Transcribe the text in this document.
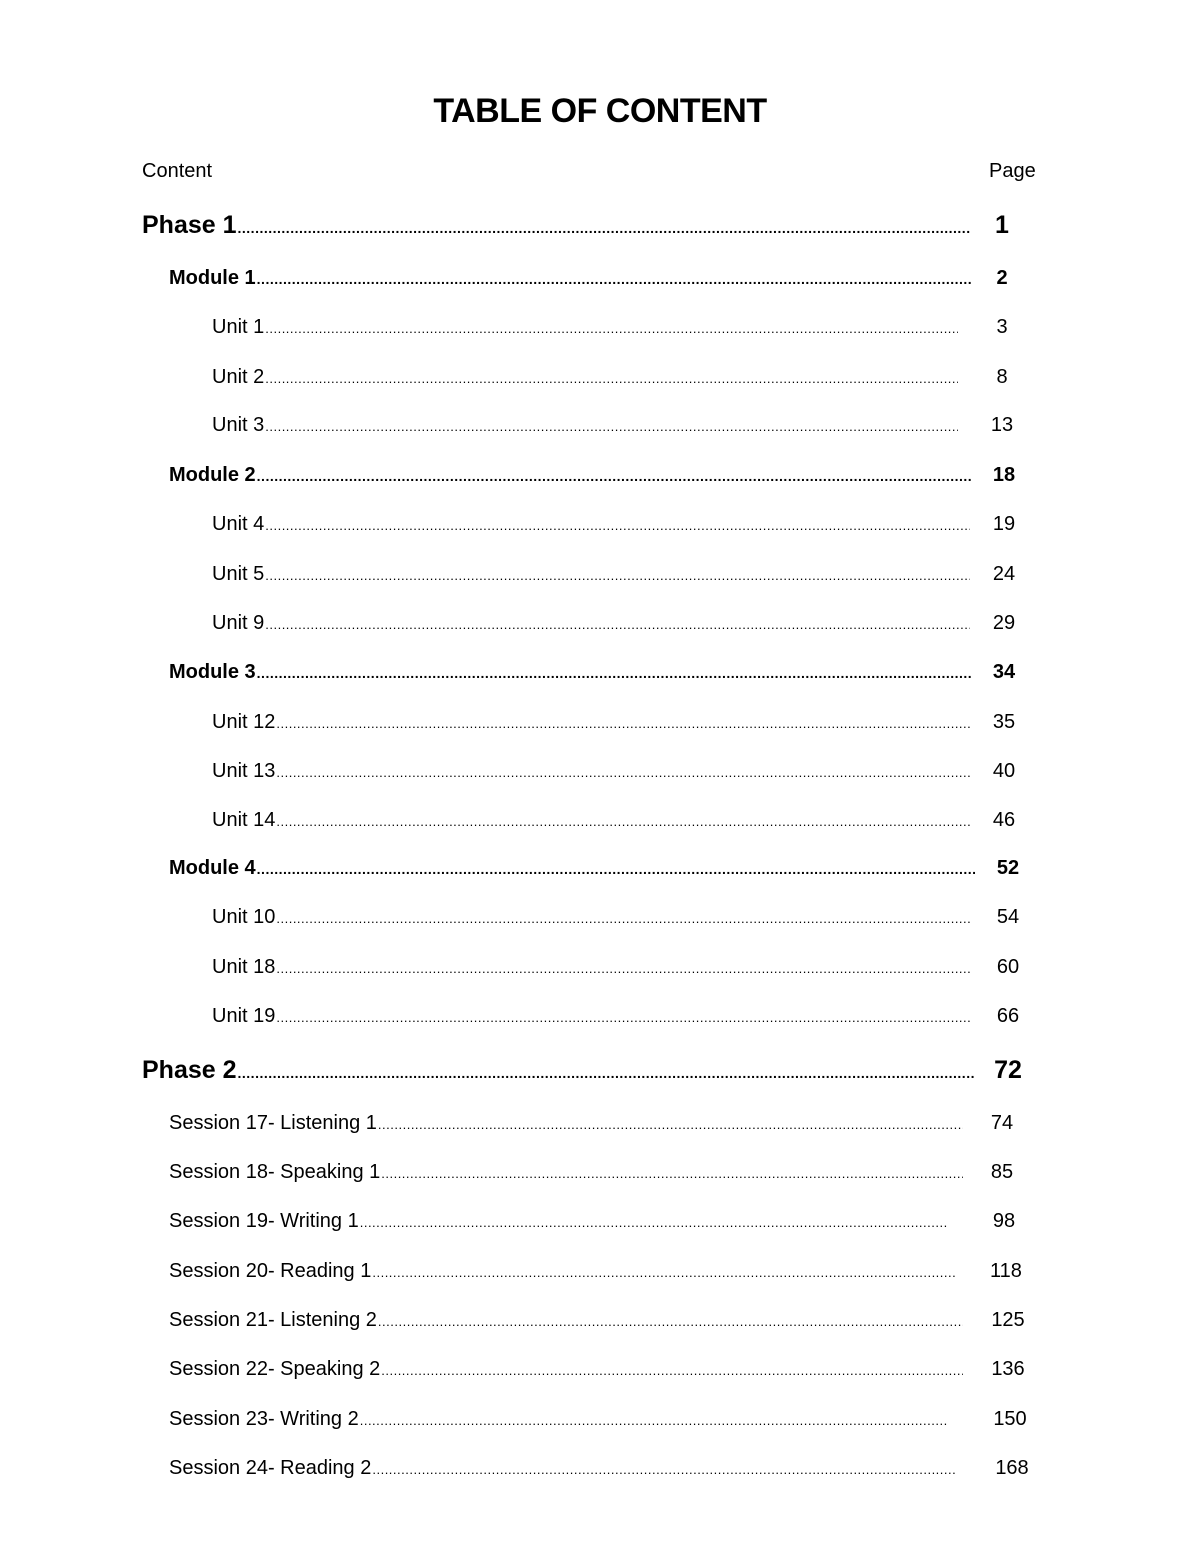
TABLE OF CONTENT
Content	Page
Phase 1 .....	1
Module 1 .....	2
Unit 1 .....	3
Unit 2 .....	8
Unit 3 .....	13
Module 2 .....	18
Unit 4 .....	19
Unit 5 .....	24
Unit 9 .....	29
Module 3 .....	34
Unit 12 .....	35
Unit 13 .....	40
Unit 14 .....	46
Module 4 .....	52
Unit 10 .....	54
Unit 18 .....	60
Unit 19 .....	66
Phase 2 .....	72
Session 17- Listening 1 .....	74
Session 18- Speaking 1 .....	85
Session 19- Writing 1 .....	98
Session 20- Reading 1 .....	118
Session 21- Listening 2 .....	125
Session 22- Speaking 2 .....	136
Session 23- Writing 2 .....	150
Session 24- Reading 2 .....	168
